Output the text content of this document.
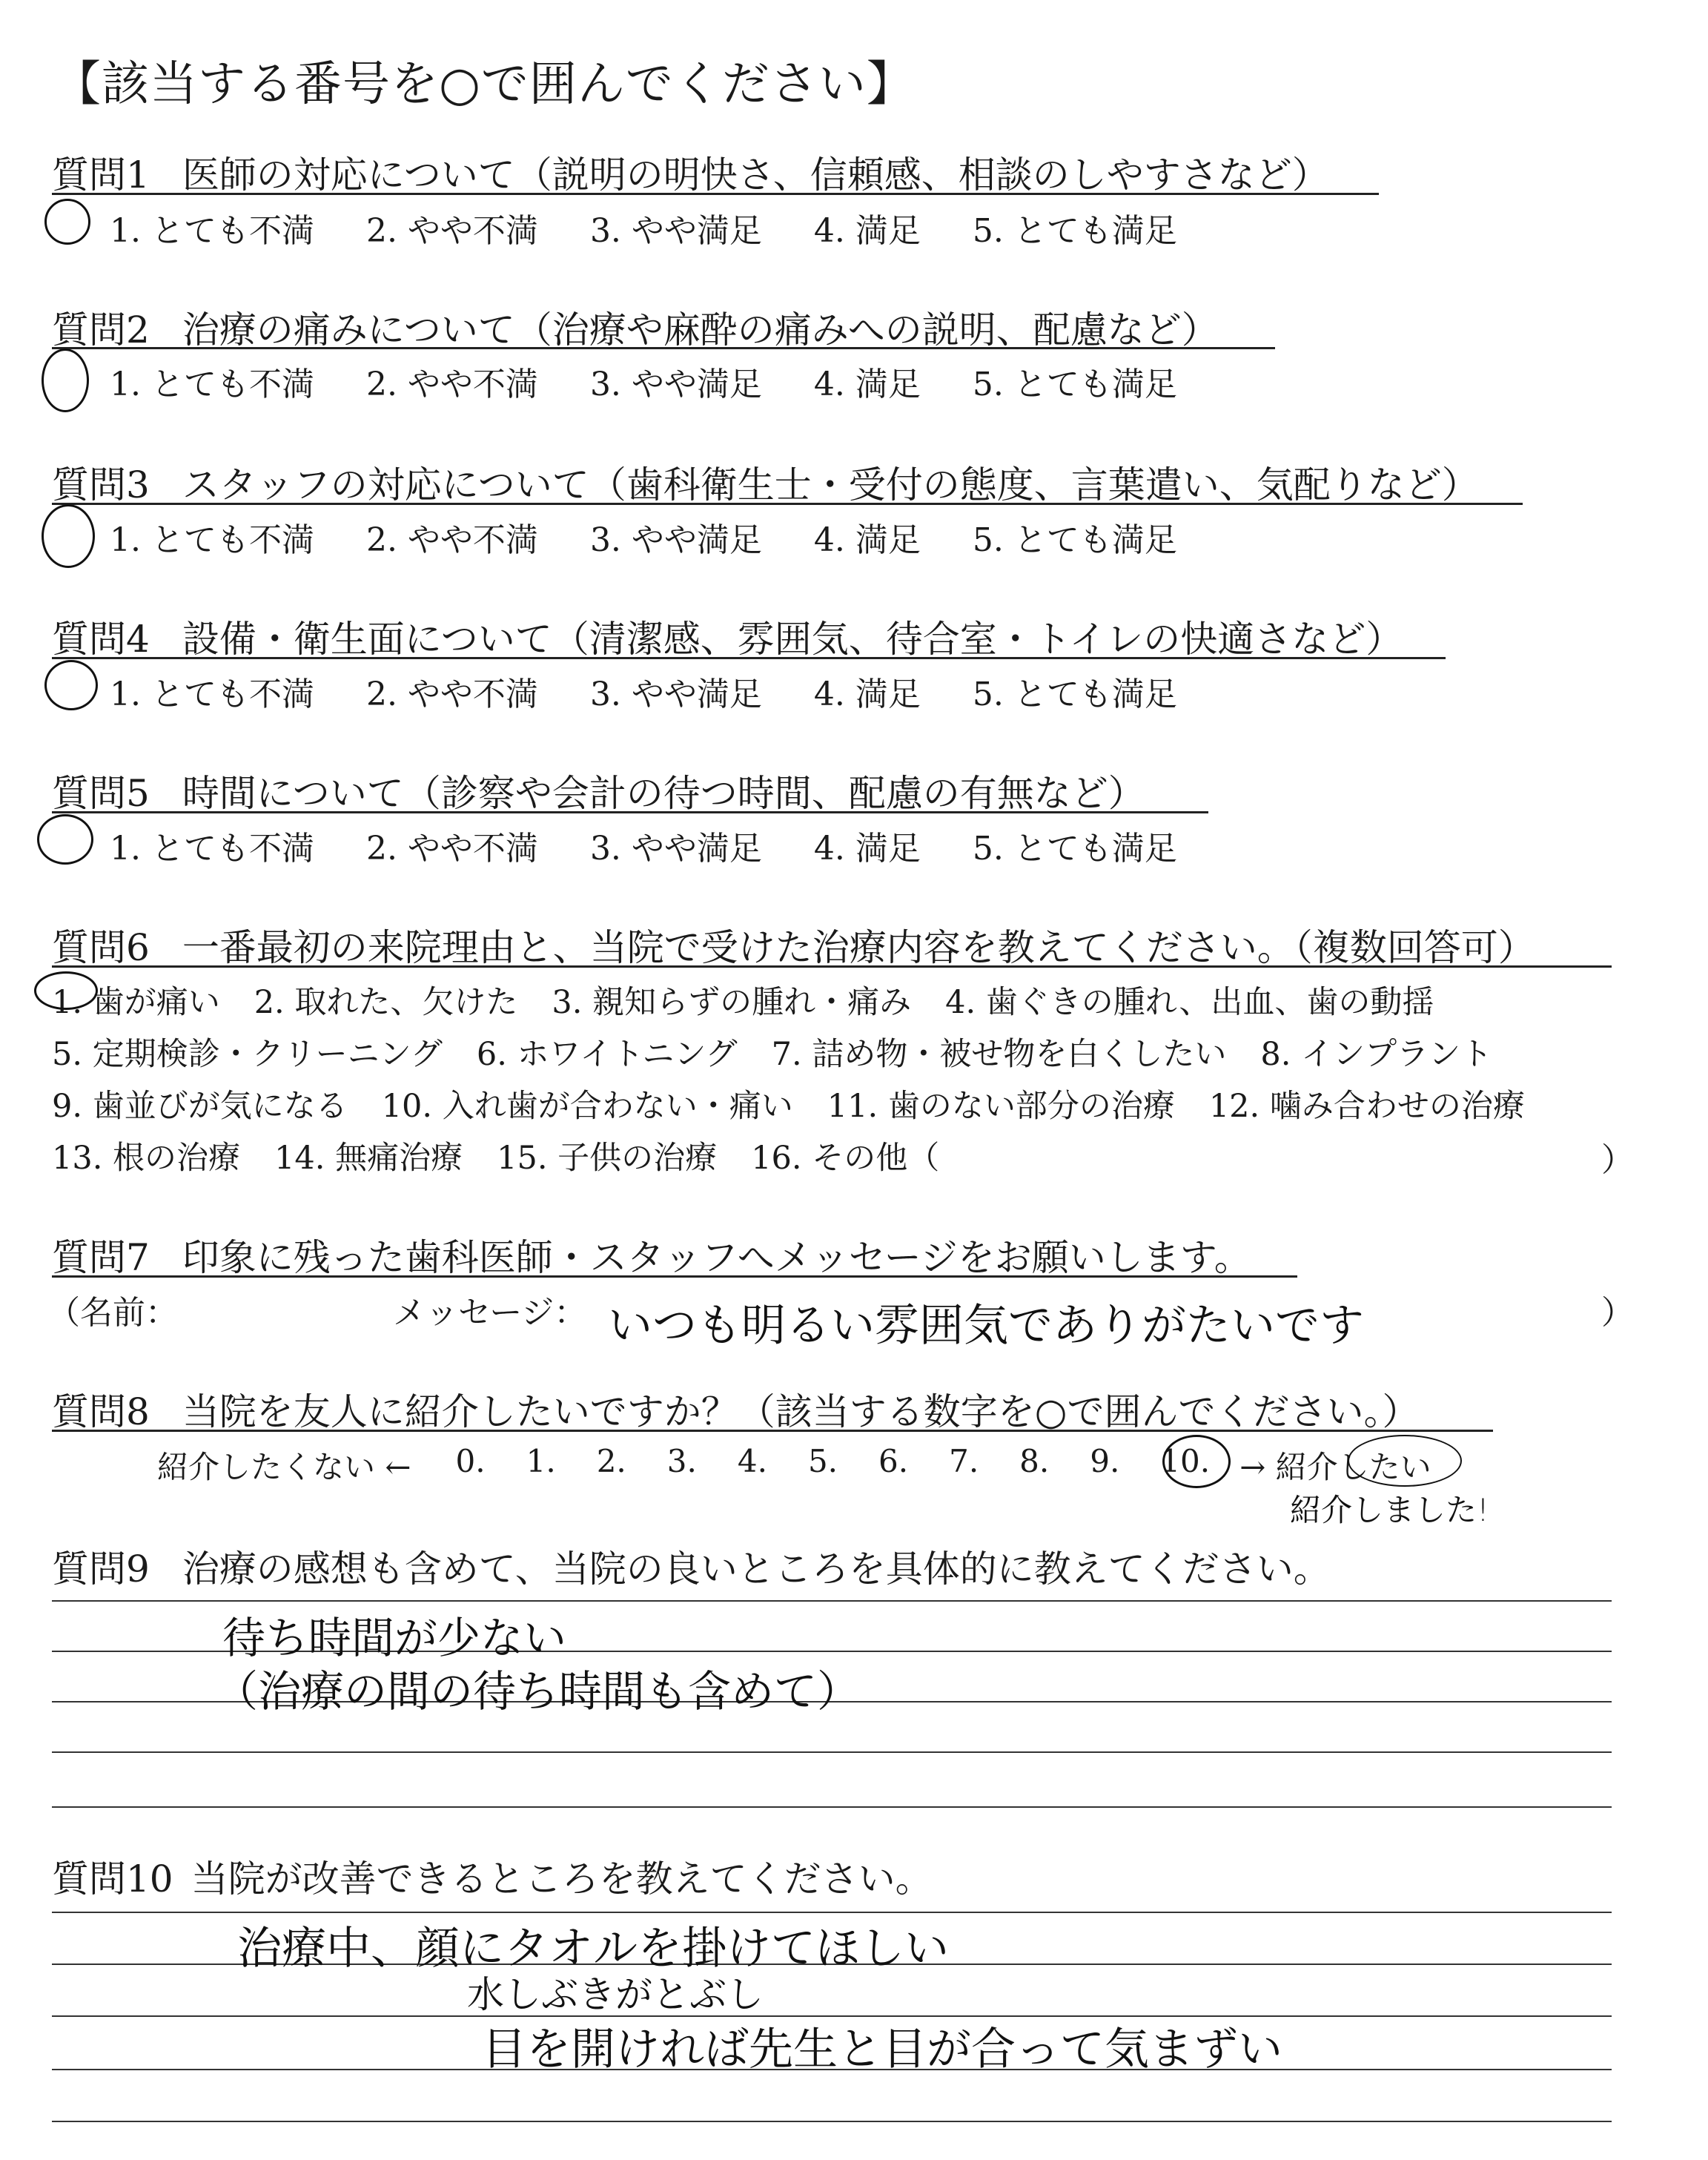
【該当する番号を○で囲んでください】
質問1 医師の対応について（説明の明快さ、信頼感、相談のしやすさなど）
1. とても不満 2. やや不満 3. やや満足 4. 満足 5. とても満足
質問2 治療の痛みについて（治療や麻酔の痛みへの説明、配慮など）
1. とても不満 2. やや不満 3. やや満足 4. 満足 5. とても満足
質問3 スタッフの対応について（歯科衛生士・受付の態度、言葉遣い、気配りなど）
1. とても不満 2. やや不満 3. やや満足 4. 満足 5. とても満足
質問4 設備・衛生面について（清潔感、雰囲気、待合室・トイレの快適さなど）
1. とても不満 2. やや不満 3. やや満足 4. 満足 5. とても満足
質問5 時間について（診察や会計の待つ時間、配慮の有無など）
1. とても不満 2. やや不満 3. やや満足 4. 満足 5. とても満足
質問6 一番最初の来院理由と、当院で受けた治療内容を教えてください。（複数回答可）
1. 歯が痛い 2. 取れた、欠けた 3. 親知らずの腫れ・痛み 4. 歯ぐきの腫れ、出血、歯の動揺
5. 定期検診・クリーニング 6. ホワイトニング 7. 詰め物・被せ物を白くしたい 8. インプラント
9. 歯並びが気になる 10. 入れ歯が合わない・痛い 11. 歯のない部分の治療 12. 噛み合わせの治療
13. 根の治療 14. 無痛治療 15. 子供の治療 16. その他（	）
質問7 印象に残った歯科医師・スタッフへメッセージをお願いします。
（名前：	メッセージ： いつも明るい雰囲気でありがたいです	）
質問8 当院を友人に紹介したいですか？（該当する数字を○で囲んでください。）
紹介したくない ← 0. 1. 2. 3. 4. 5. 6. 7. 8. 9. 10. → 紹介したい
紹介しました!
質問9 治療の感想も含めて、当院の良いところを具体的に教えてください。
待ち時間が少ない
（治療の間の待ち時間も含めて）
質問10 当院が改善できるところを教えてください。
治療中、顔にタオルを掛けてほしい
水しぶきがとぶし
目を開ければ先生と目が合って気まずい
